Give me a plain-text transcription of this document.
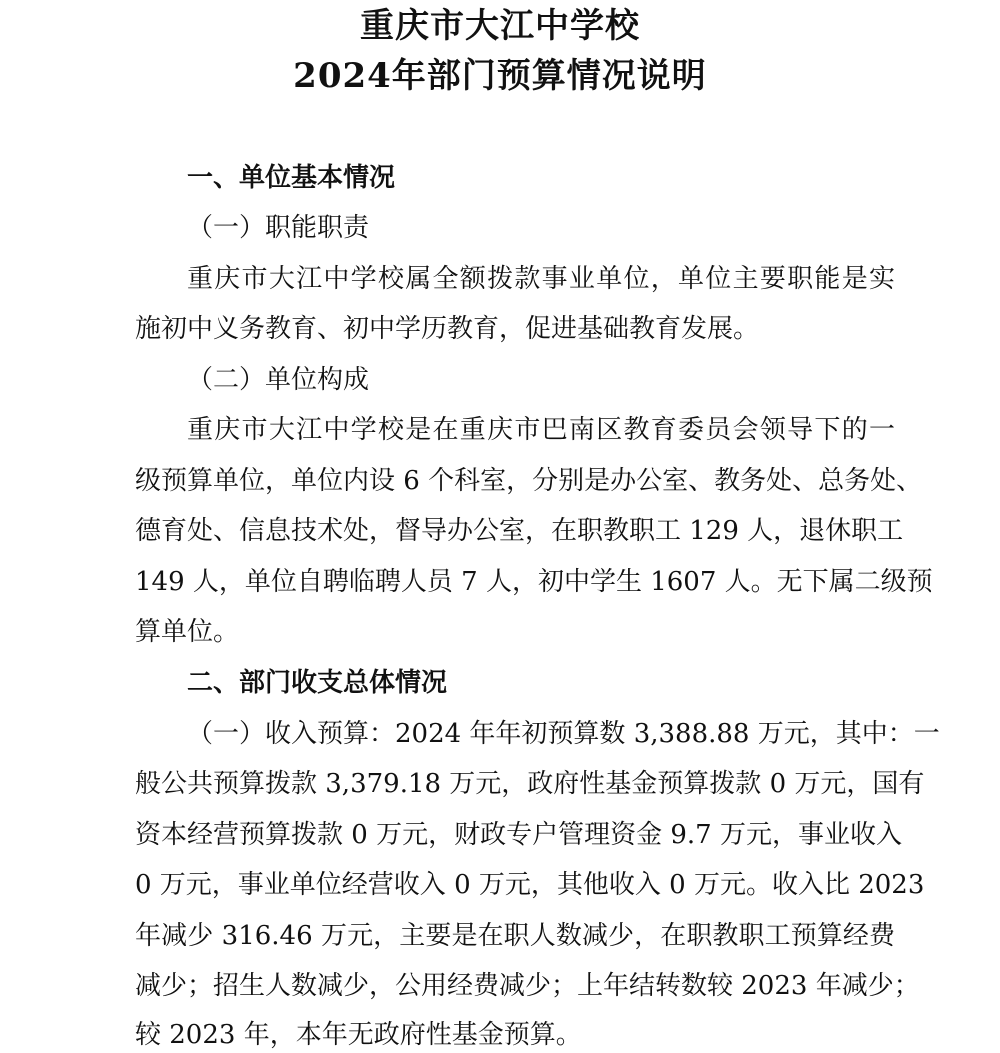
重庆市大江中学校
2024年部门预算情况说明
一、单位基本情况
（一）职能职责
重庆市大江中学校属全额拨款事业单位，单位主要职能是实
施初中义务教育、初中学历教育，促进基础教育发展。
（二）单位构成
重庆市大江中学校是在重庆市巴南区教育委员会领导下的一
级预算单位，单位内设 6 个科室，分别是办公室、教务处、总务处、
德育处、信息技术处，督导办公室，在职教职工 129 人，退休职工
149 人，单位自聘临聘人员 7 人，初中学生 1607 人。无下属二级预
算单位。
二、部门收支总体情况
（一）收入预算：2024 年年初预算数 3,388.88 万元，其中：一
般公共预算拨款 3,379.18 万元，政府性基金预算拨款 0 万元，国有
资本经营预算拨款 0 万元，财政专户管理资金 9.7 万元，事业收入
0 万元，事业单位经营收入 0 万元，其他收入 0 万元。收入比 2023
年减少 316.46 万元，主要是在职人数减少，在职教职工预算经费
减少；招生人数减少，公用经费减少；上年结转数较 2023 年减少；
较 2023 年，本年无政府性基金预算。
